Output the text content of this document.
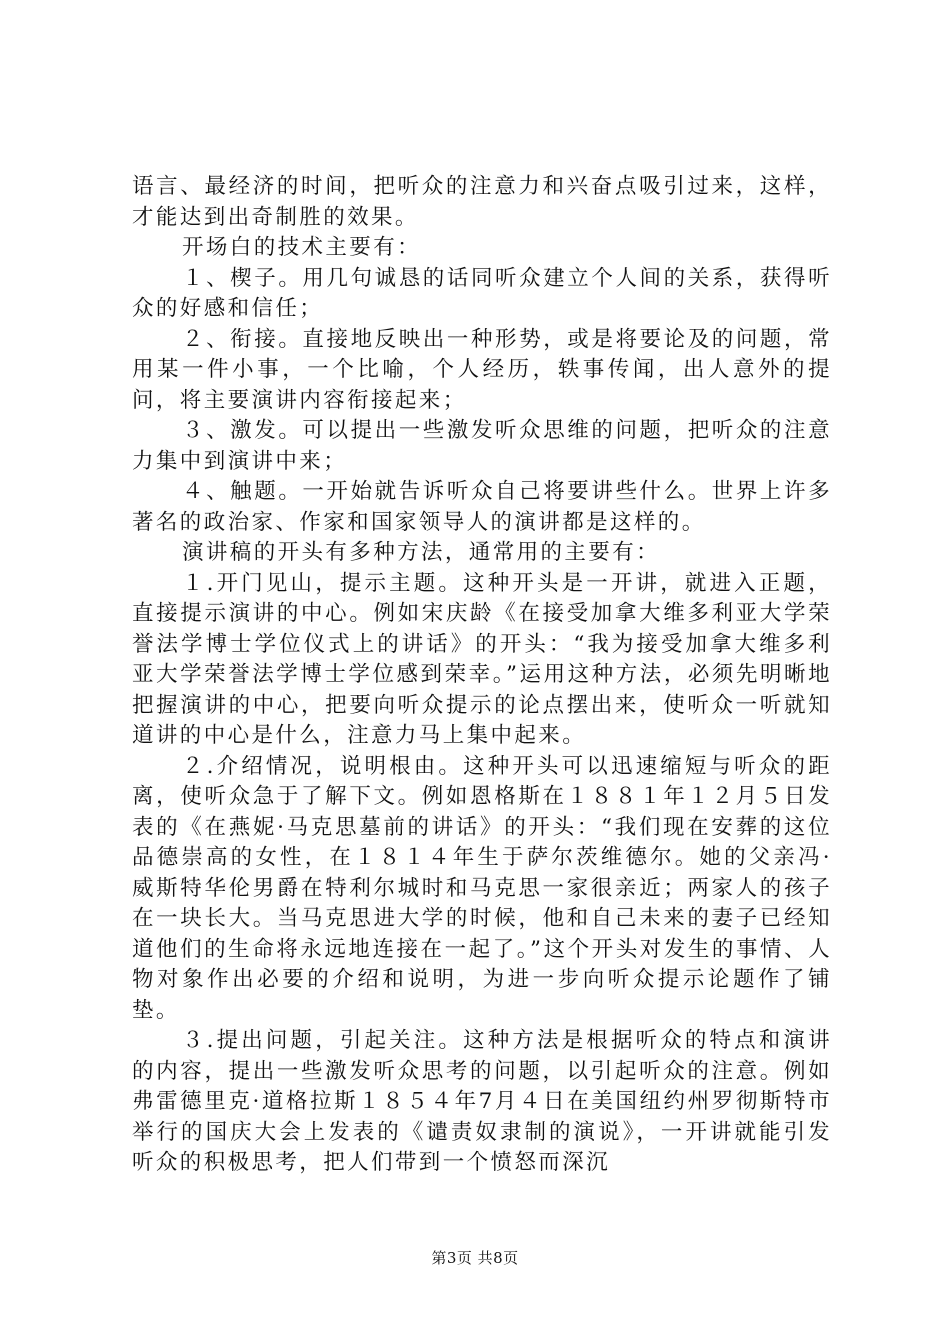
语言、最经济的时间，把听众的注意力和兴奋点吸引过来，这样，才能达到出奇制胜的效果。

开场白的技术主要有：

１、楔子。用几句诚恳的话同听众建立个人间的关系，获得听众的好感和信任；

２、衔接。直接地反映出一种形势，或是将要论及的问题，常用某一件小事，一个比喻，个人经历，轶事传闻，出人意外的提问，将主要演讲内容衔接起来；

３、激发。可以提出一些激发听众思维的问题，把听众的注意力集中到演讲中来；

４、触题。一开始就告诉听众自己将要讲些什么。世界上许多著名的政治家、作家和国家领导人的演讲都是这样的。

演讲稿的开头有多种方法，通常用的主要有：

１.开门见山，提示主题。这种开头是一开讲，就进入正题，直接提示演讲的中心。例如宋庆龄《在接受加拿大维多利亚大学荣誉法学博士学位仪式上的讲话》的开头：“我为接受加拿大维多利亚大学荣誉法学博士学位感到荣幸。”运用这种方法，必须先明晰地把握演讲的中心，把要向听众提示的论点摆出来，使听众一听就知道讲的中心是什么，注意力马上集中起来。

２.介绍情况，说明根由。这种开头可以迅速缩短与听众的距离，使听众急于了解下文。例如恩格斯在１８８１年１２月５日发表的《在燕妮·马克思墓前的讲话》的开头：“我们现在安葬的这位品德崇高的女性，在１８１４年生于萨尔茨维德尔。她的父亲冯·威斯特华伦男爵在特利尔城时和马克思一家很亲近；两家人的孩子在一块长大。当马克思进大学的时候，他和自己未来的妻子已经知道他们的生命将永远地连接在一起了。”这个开头对发生的事情、人物对象作出必要的介绍和说明，为进一步向听众提示论题作了铺垫。

３.提出问题，引起关注。这种方法是根据听众的特点和演讲的内容，提出一些激发听众思考的问题，以引起听众的注意。例如弗雷德里克·道格拉斯１８５４年7月４日在美国纽约州罗彻斯特市举行的国庆大会上发表的《谴责奴隶制的演说》，一开讲就能引发听众的积极思考，把人们带到一个愤怒而深沉

第3页 共8页
